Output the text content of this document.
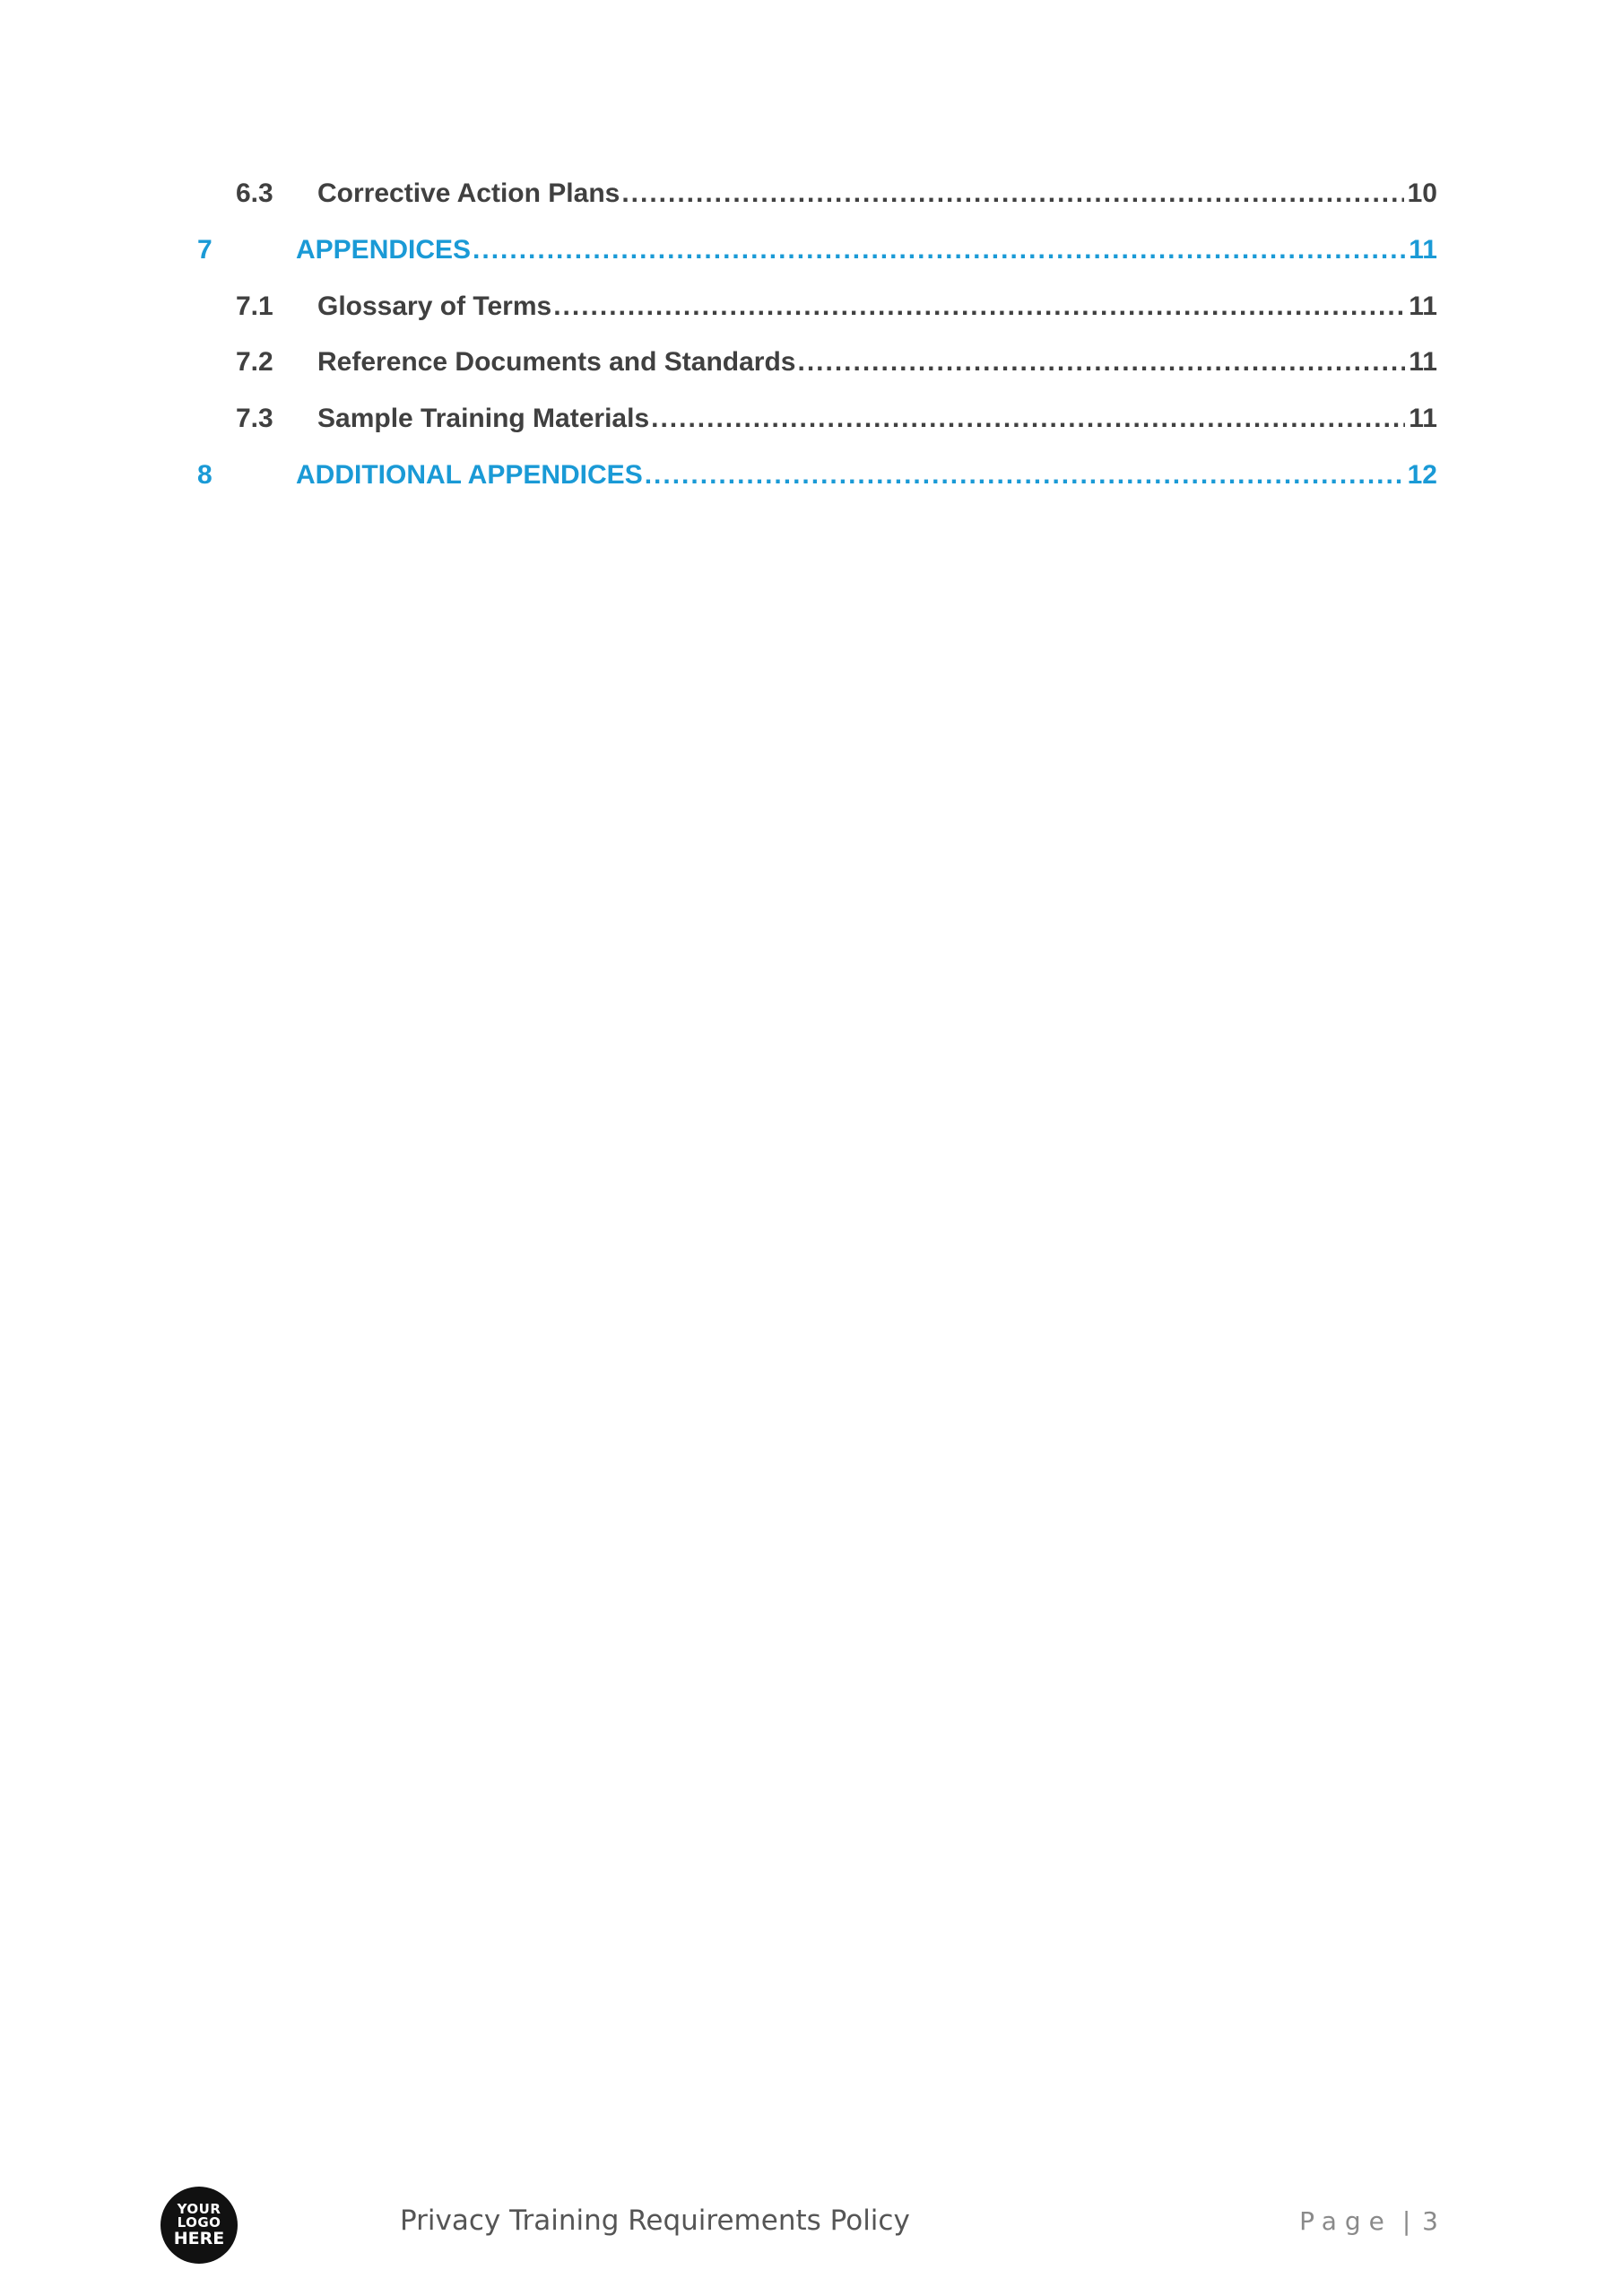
6.3	Corrective Action Plans .....	10
7	APPENDICES .....	11
7.1	Glossary of Terms .....	11
7.2	Reference Documents and Standards .....	11
7.3	Sample Training Materials .....	11
8	ADDITIONAL APPENDICES .....	12
YOUR
LOGO
HERE
Privacy Training Requirements Policy	Page | 3
